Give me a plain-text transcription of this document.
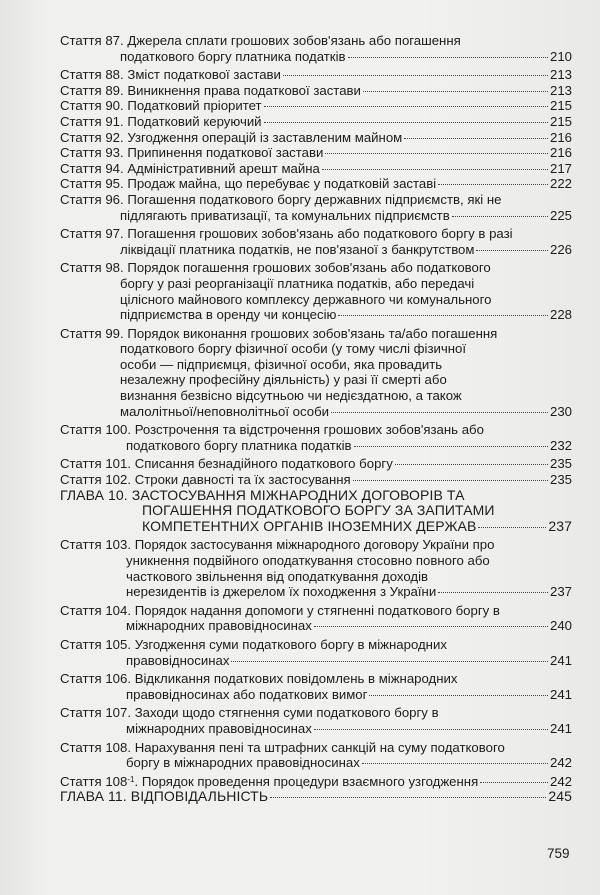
Стаття 87. Джерела сплати грошових зобов'язань або погашення
податкового боргу платника податків	210
Стаття 88. Зміст податкової застави	213
Стаття 89. Виникнення права податкової застави	213
Стаття 90. Податковий пріоритет	215
Стаття 91. Податковий керуючий	215
Стаття 92. Узгодження операцій із заставленим майном	216
Стаття 93. Припинення податкової застави	216
Стаття 94. Адміністративний арешт майна	217
Стаття 95. Продаж майна, що перебуває у податковій заставі	222
Стаття 96. Погашення податкового боргу державних підприємств, які не
підлягають приватизації, та комунальних підприємств	225
Стаття 97. Погашення грошових зобов'язань або податкового боргу в разі
ліквідації платника податків, не пов'язаної з банкрутством	226
Стаття 98. Порядок погашення грошових зобов'язань або податкового
боргу у разі реорганізації платника податків, або передачі
цілісного майнового комплексу державного чи комунального
підприємства в оренду чи концесію	228
Стаття 99. Порядок виконання грошових зобов'язань та/або погашення
податкового боргу фізичної особи (у тому числі фізичної
особи — підприємця, фізичної особи, яка провадить
незалежну професійну діяльність) у разі її смерті або
визнання безвісно відсутньою чи недієздатною, а також
малолітньої/неповнолітньої особи	230
Стаття 100. Розстрочення та відстрочення грошових зобов'язань або
податкового боргу платника податків	232
Стаття 101. Списання безнадійного податкового боргу	235
Стаття 102. Строки давності та їх застосування	235
ГЛАВА 10. ЗАСТОСУВАННЯ МІЖНАРОДНИХ ДОГОВОРІВ ТА
ПОГАШЕННЯ ПОДАТКОВОГО БОРГУ ЗА ЗАПИТАМИ
КОМПЕТЕНТНИХ ОРГАНІВ ІНОЗЕМНИХ ДЕРЖАВ	237
Стаття 103. Порядок застосування міжнародного договору України про
уникнення подвійного оподаткування стосовно повного або
часткового звільнення від оподаткування доходів
нерезидентів із джерелом їх походження з України	237
Стаття 104. Порядок надання допомоги у стягненні податкового боргу в
міжнародних правовідносинах	240
Стаття 105. Узгодження суми податкового боргу в міжнародних
правовідносинах	241
Стаття 106. Відкликання податкових повідомлень в міжнародних
правовідносинах або податкових вимог	241
Стаття 107. Заходи щодо стягнення суми податкового боргу в
міжнародних правовідносинах	241
Стаття 108. Нарахування пені та штрафних санкцій на суму податкового
боргу в міжнародних правовідносинах	242
Стаття $108^{-1}$. Порядок проведення процедури взаємного узгодження	242
ГЛАВА 11. ВІДПОВІДАЛЬНІСТЬ	245
759
